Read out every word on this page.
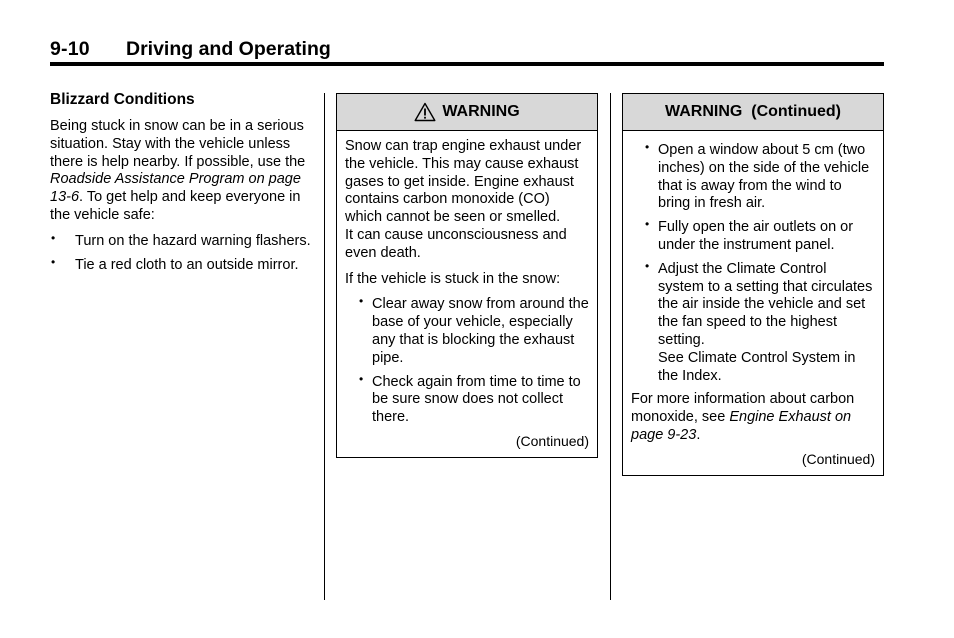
9-10 Driving and Operating
Blizzard Conditions

Being stuck in snow can be in a serious situation. Stay with the vehicle unless there is help nearby. If possible, use the Roadside Assistance Program on page 13-6. To get help and keep everyone in the vehicle safe:

• Turn on the hazard warning flashers.
• Tie a red cloth to an outside mirror.
WARNING

Snow can trap engine exhaust under the vehicle. This may cause exhaust gases to get inside. Engine exhaust contains carbon monoxide (CO) which cannot be seen or smelled.
It can cause unconsciousness and even death.

If the vehicle is stuck in the snow:

• Clear away snow from around the base of your vehicle, especially any that is blocking the exhaust pipe.
• Check again from time to time to be sure snow does not collect there.
(Continued)
WARNING  (Continued)
• Open a window about 5 cm (two inches) on the side of the vehicle that is away from the wind to bring in fresh air.
• Fully open the air outlets on or under the instrument panel.
• Adjust the Climate Control system to a setting that circulates the air inside the vehicle and set the fan speed to the highest setting.
See Climate Control System in the Index.

For more information about carbon monoxide, see Engine Exhaust on page 9-23.

(Continued)
